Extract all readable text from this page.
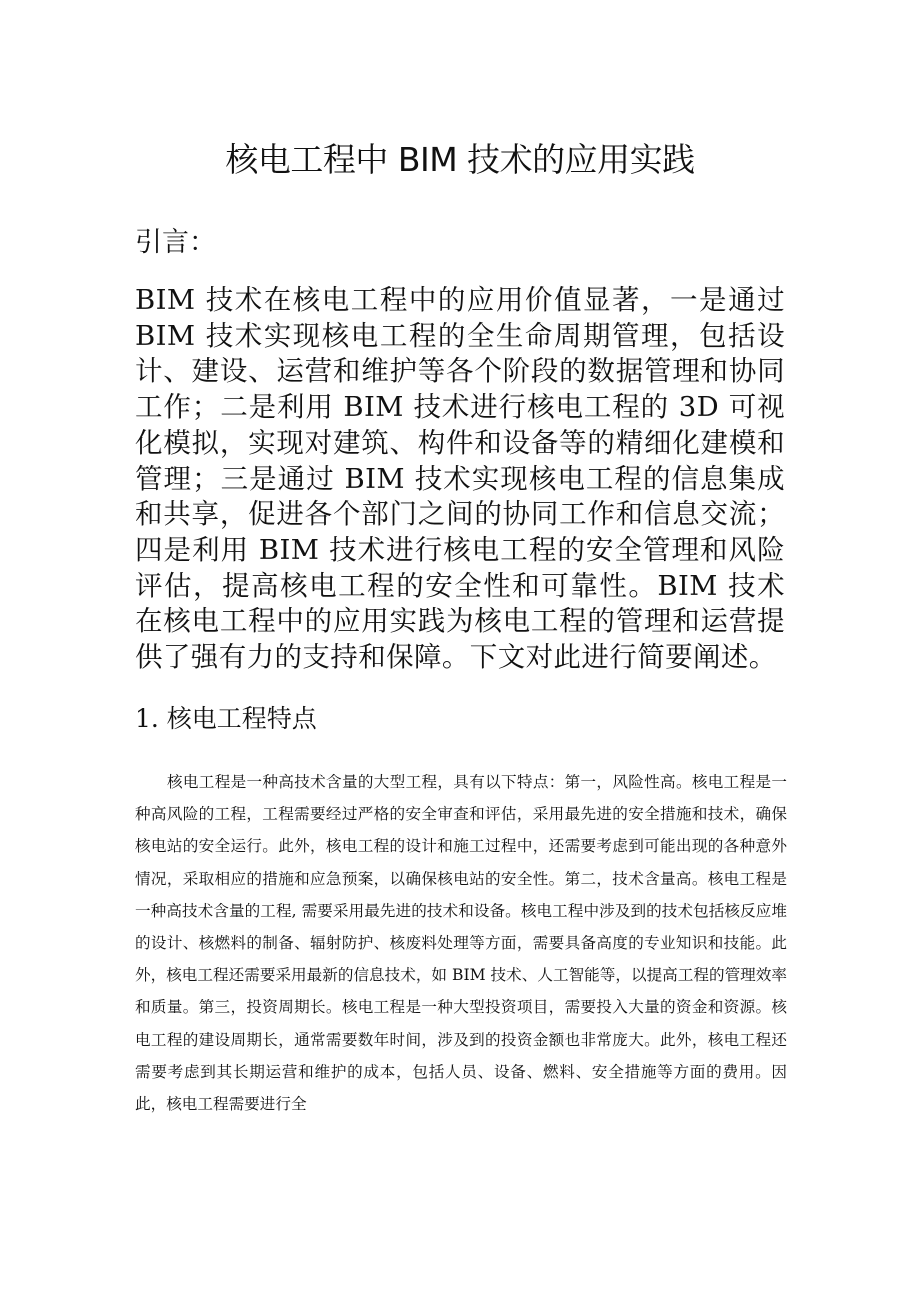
核电工程中 BIM 技术的应用实践
引言：

BIM 技术在核电工程中的应用价值显著，一是通过 BIM 技术实现核电工程的全生命周期管理，包括设计、建设、运营和维护等各个阶段的数据管理和协同工作；二是利用 BIM 技术进行核电工程的 3D 可视化模拟，实现对建筑、构件和设备等的精细化建模和管理；三是通过 BIM 技术实现核电工程的信息集成和共享，促进各个部门之间的协同工作和信息交流；四是利用 BIM 技术进行核电工程的安全管理和风险评估，提高核电工程的安全性和可靠性。BIM 技术在核电工程中的应用实践为核电工程的管理和运营提供了强有力的支持和保障。下文对此进行简要阐述。

1. 核电工程特点

核电工程是一种高技术含量的大型工程，具有以下特点：第一，风险性高。核电工程是一种高风险的工程，工程需要经过严格的安全审查和评估，采用最先进的安全措施和技术，确保核电站的安全运行。此外，核电工程的设计和施工过程中，还需要考虑到可能出现的各种意外情况，采取相应的措施和应急预案，以确保核电站的安全性。第二，技术含量高。核电工程是一种高技术含量的工程, 需要采用最先进的技术和设备。核电工程中涉及到的技术包括核反应堆的设计、核燃料的制备、辐射防护、核废料处理等方面，需要具备高度的专业知识和技能。此外，核电工程还需要采用最新的信息技术，如 BIM 技术、人工智能等，以提高工程的管理效率和质量。第三，投资周期长。核电工程是一种大型投资项目，需要投入大量的资金和资源。核电工程的建设周期长，通常需要数年时间，涉及到的投资金额也非常庞大。此外，核电工程还需要考虑到其长期运营和维护的成本，包括人员、设备、燃料、安全措施等方面的费用。因此，核电工程需要进行全
